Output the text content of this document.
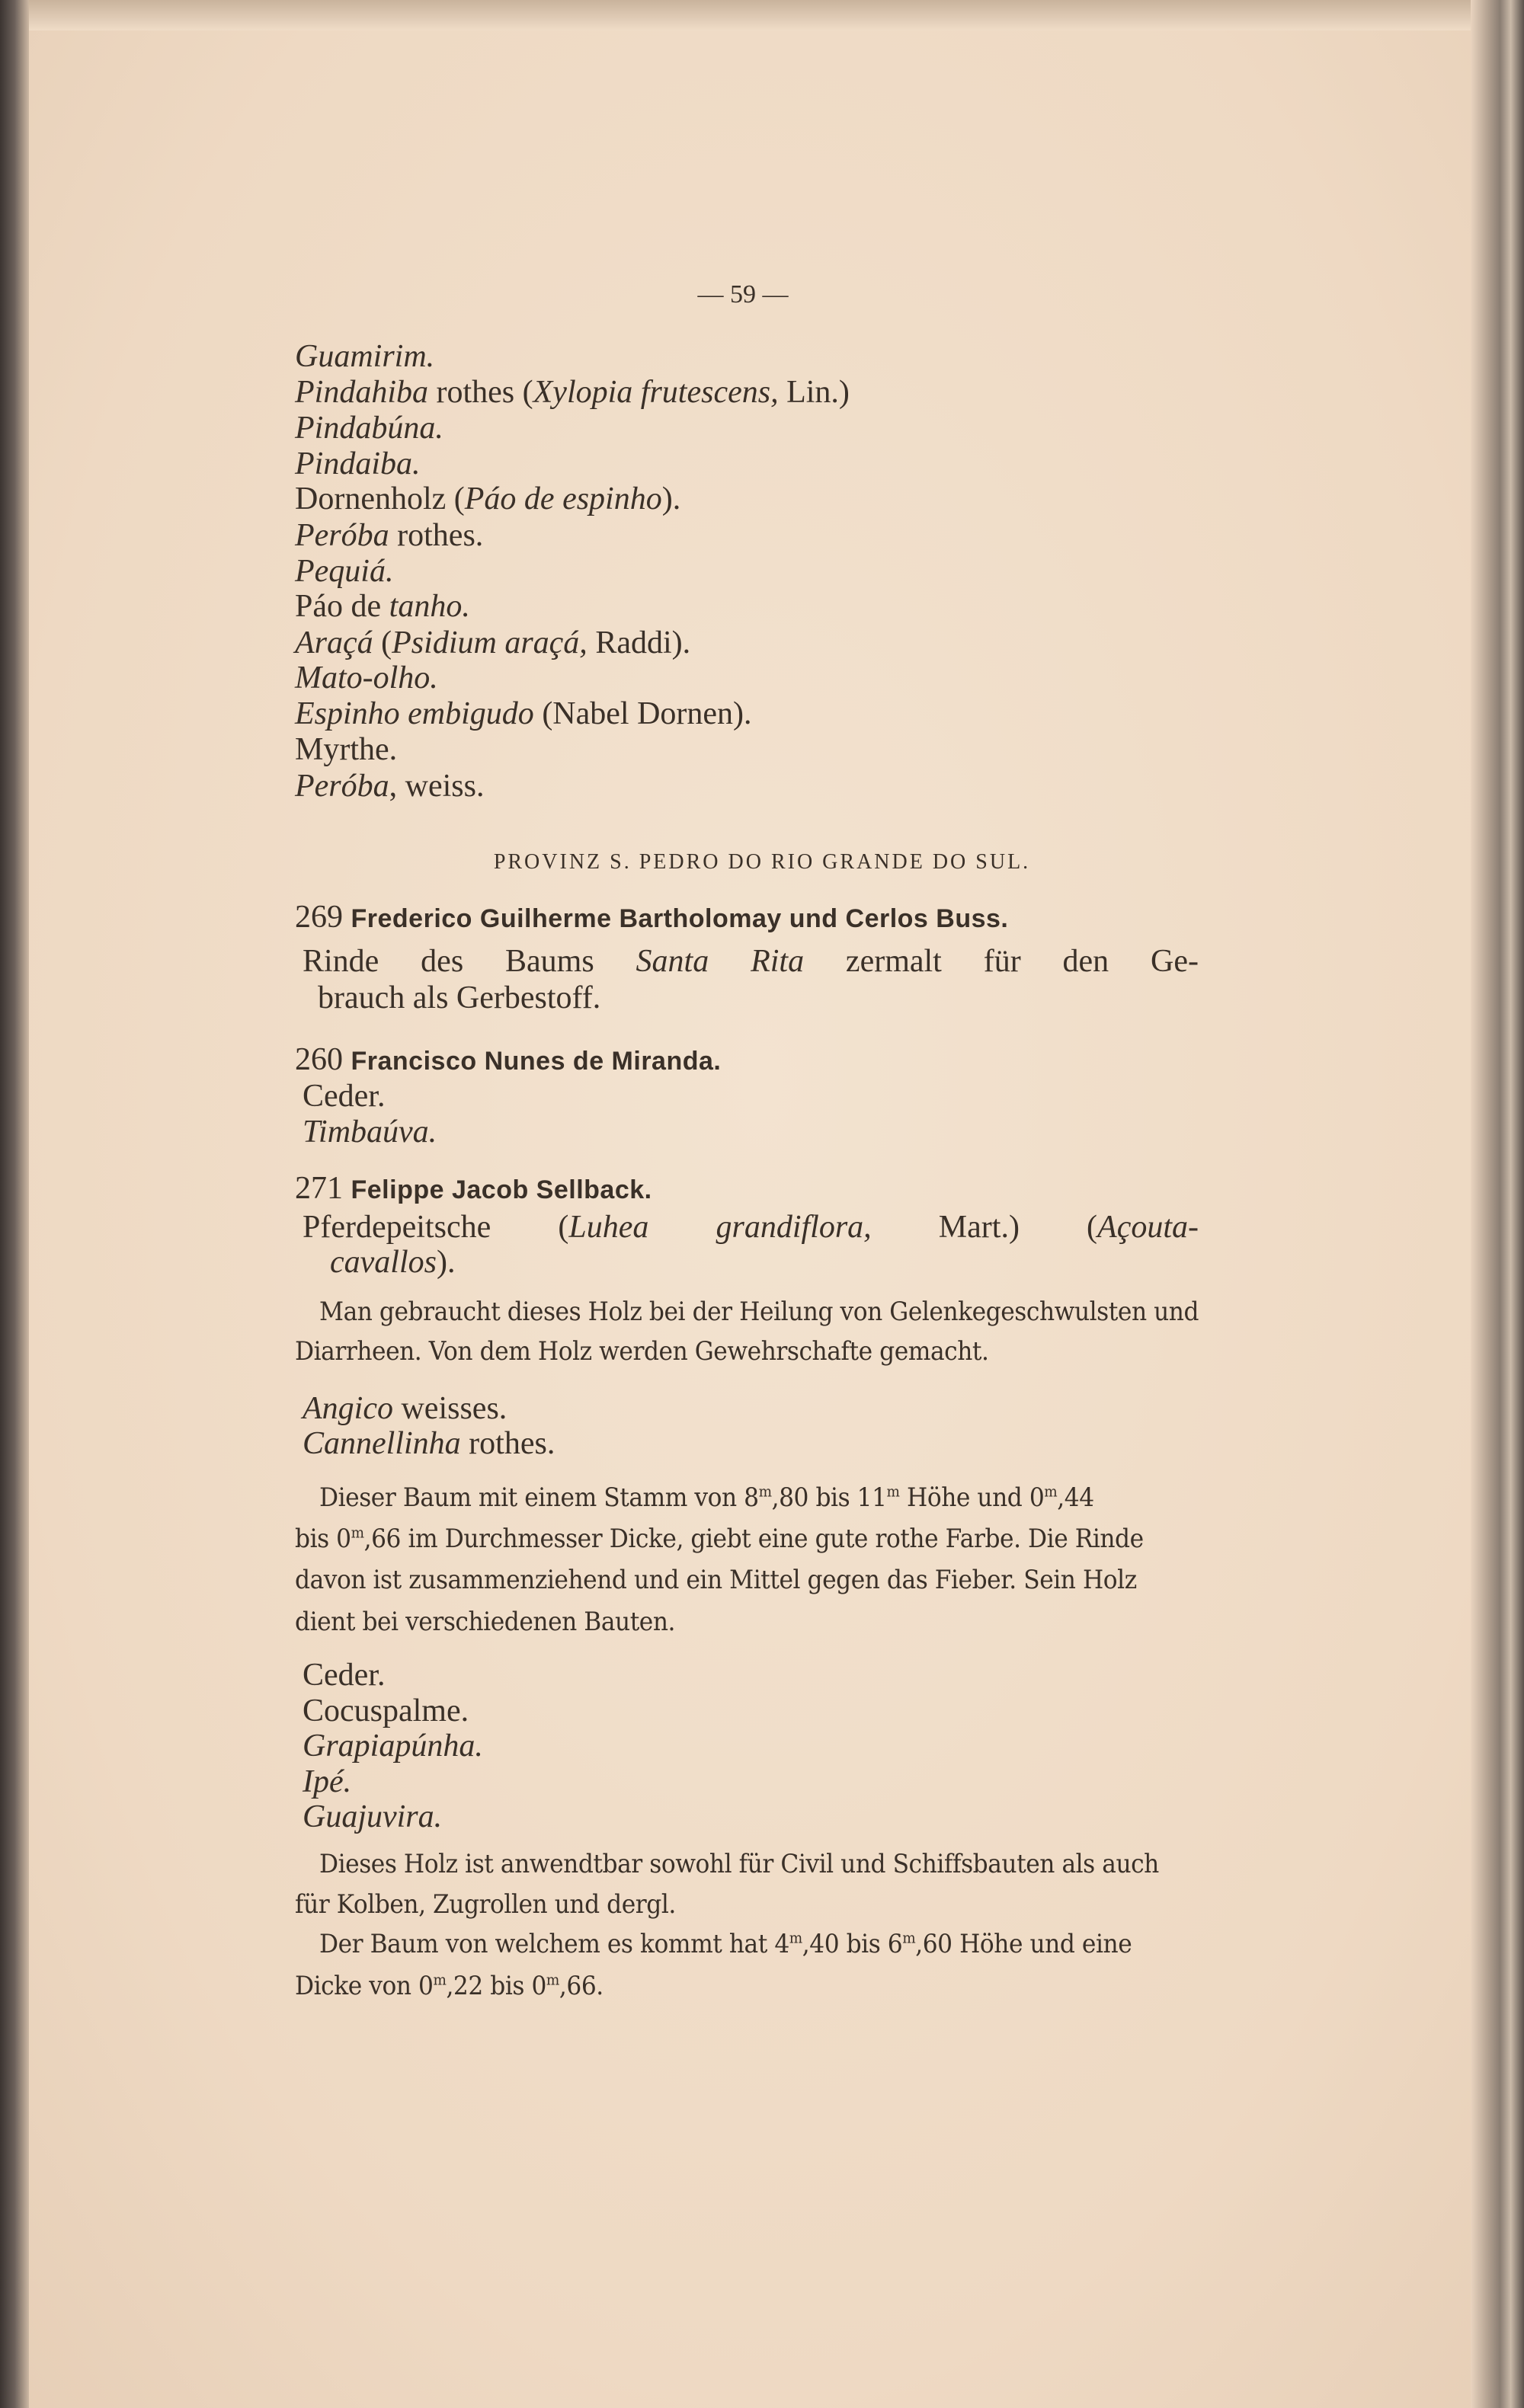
— 59 —
PROVINZ S. PEDRO DO RIO GRANDE DO SUL.
Guamirim.
Pindahiba rothes (Xylopia frutescens, Lin.)
Pindabúna.
Pindaiba.
Dornenholz (Páo de espinho).
Peróba rothes.
Pequiá.
Páo de tanho.
Araçá (Psidium araçá, Raddi).
Mato-olho.
Espinho embigudo (Nabel Dornen).
Myrthe.
Peróba, weiss.
269 Frederico Guilherme Bartholomay und Cerlos Buss.
Rinde des Baums Santa Rita zermalt für den Ge-
brauch als Gerbestoff.
260 Francisco Nunes de Miranda.
Ceder.
Timbaúva.
271 Felippe Jacob Sellback.
Pferdepeitsche (Luhea grandiflora, Mart.) (Açouta-
cavallos).
Man gebraucht dieses Holz bei der Heilung von Gelenkegeschwulsten und
Diarrheen. Von dem Holz werden Gewehrschafte gemacht.
Angico weisses.
Cannellinha rothes.
Dieser Baum mit einem Stamm von 8$^m$,80 bis 11$^m$ Höhe und 0$^m$,44
bis 0$^m$,66 im Durchmesser Dicke, giebt eine gute rothe Farbe. Die Rinde
davon ist zusammenziehend und ein Mittel gegen das Fieber. Sein Holz
dient bei verschiedenen Bauten.
Ceder.
Cocuspalme.
Grapiapúnha.
Ipé.
Guajuvira.
Dieses Holz ist anwendtbar sowohl für Civil und Schiffsbauten als auch
für Kolben, Zugrollen und dergl.
Der Baum von welchem es kommt hat 4$^m$,40 bis 6$^m$,60 Höhe und eine
Dicke von 0$^m$,22 bis 0$^m$,66.
